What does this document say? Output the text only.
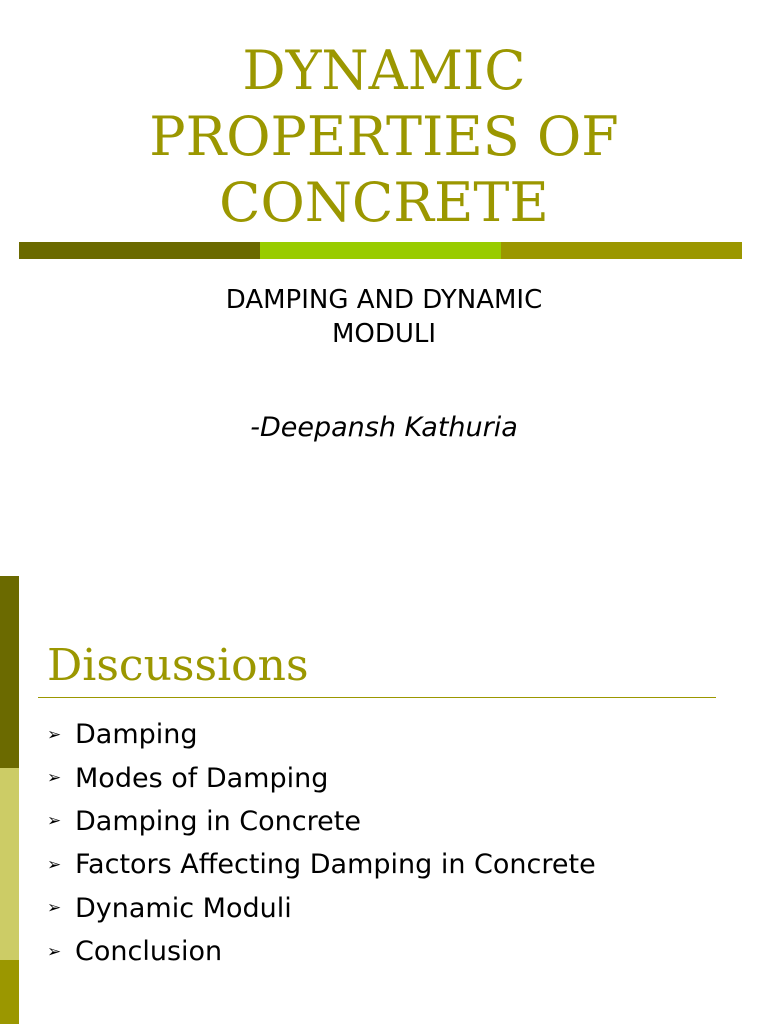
DYNAMIC
PROPERTIES OF
CONCRETE
DAMPING AND DYNAMIC
MODULI
-Deepansh Kathuria
Discussions
➢ Damping
➢ Modes of Damping
➢ Damping in Concrete
➢ Factors Affecting Damping in Concrete
➢ Dynamic Moduli
➢ Conclusion
